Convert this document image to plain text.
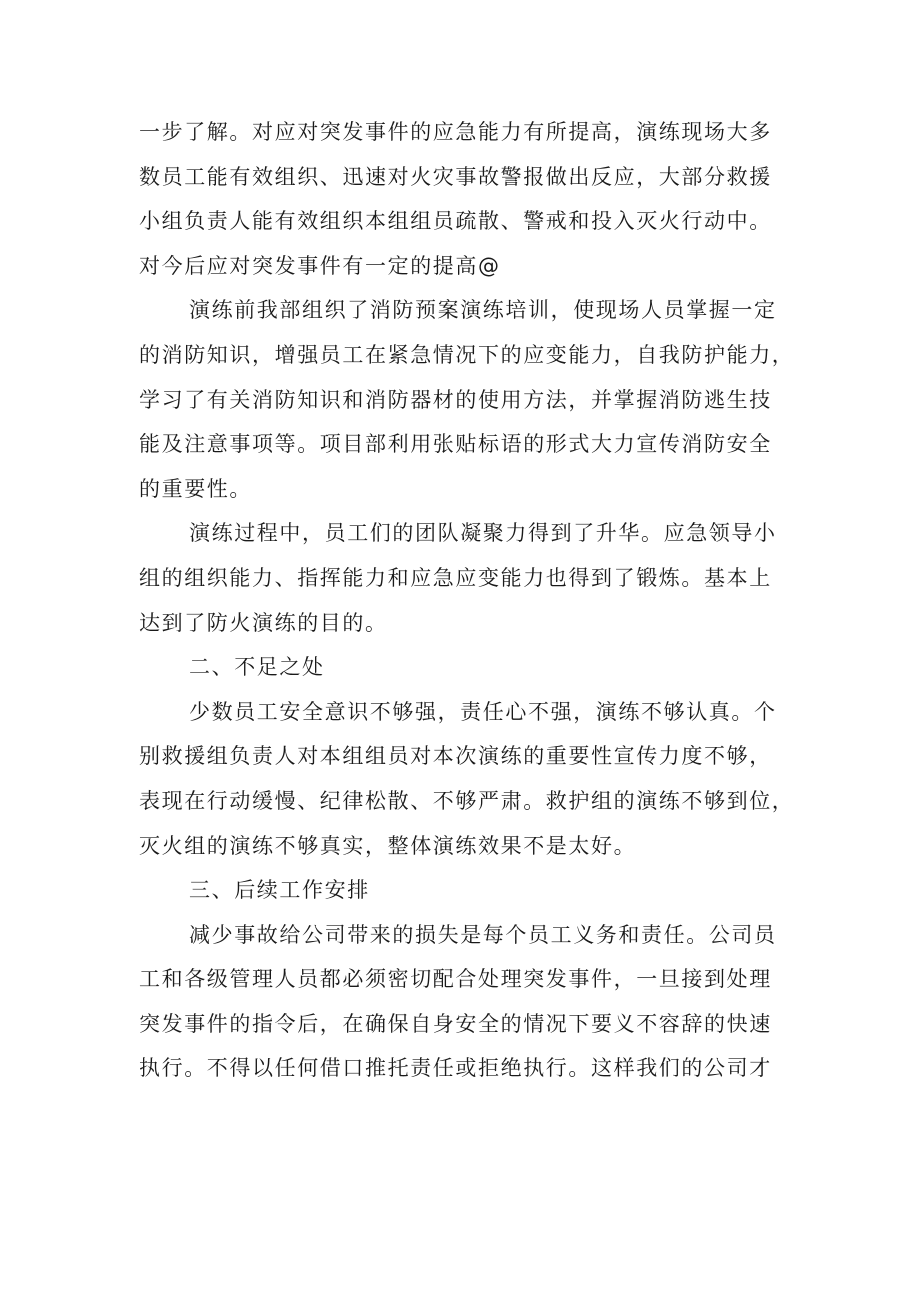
一步了解。对应对突发事件的应急能力有所提高，演练现场大多
数员工能有效组织、迅速对火灾事故警报做出反应，大部分救援
小组负责人能有效组织本组组员疏散、警戒和投入灭火行动中。
对今后应对突发事件有一定的提高@
演练前我部组织了消防预案演练培训，使现场人员掌握一定
的消防知识，增强员工在紧急情况下的应变能力，自我防护能力，
学习了有关消防知识和消防器材的使用方法，并掌握消防逃生技
能及注意事项等。项目部利用张贴标语的形式大力宣传消防安全
的重要性。
演练过程中，员工们的团队凝聚力得到了升华。应急领导小
组的组织能力、指挥能力和应急应变能力也得到了锻炼。基本上
达到了防火演练的目的。
二、不足之处
少数员工安全意识不够强，责任心不强，演练不够认真。个
别救援组负责人对本组组员对本次演练的重要性宣传力度不够，
表现在行动缓慢、纪律松散、不够严肃。救护组的演练不够到位，
灭火组的演练不够真实，整体演练效果不是太好。
三、后续工作安排
减少事故给公司带来的损失是每个员工义务和责任。公司员
工和各级管理人员都必须密切配合处理突发事件，一旦接到处理
突发事件的指令后，在确保自身安全的情况下要义不容辞的快速
执行。不得以任何借口推托责任或拒绝执行。这样我们的公司才
